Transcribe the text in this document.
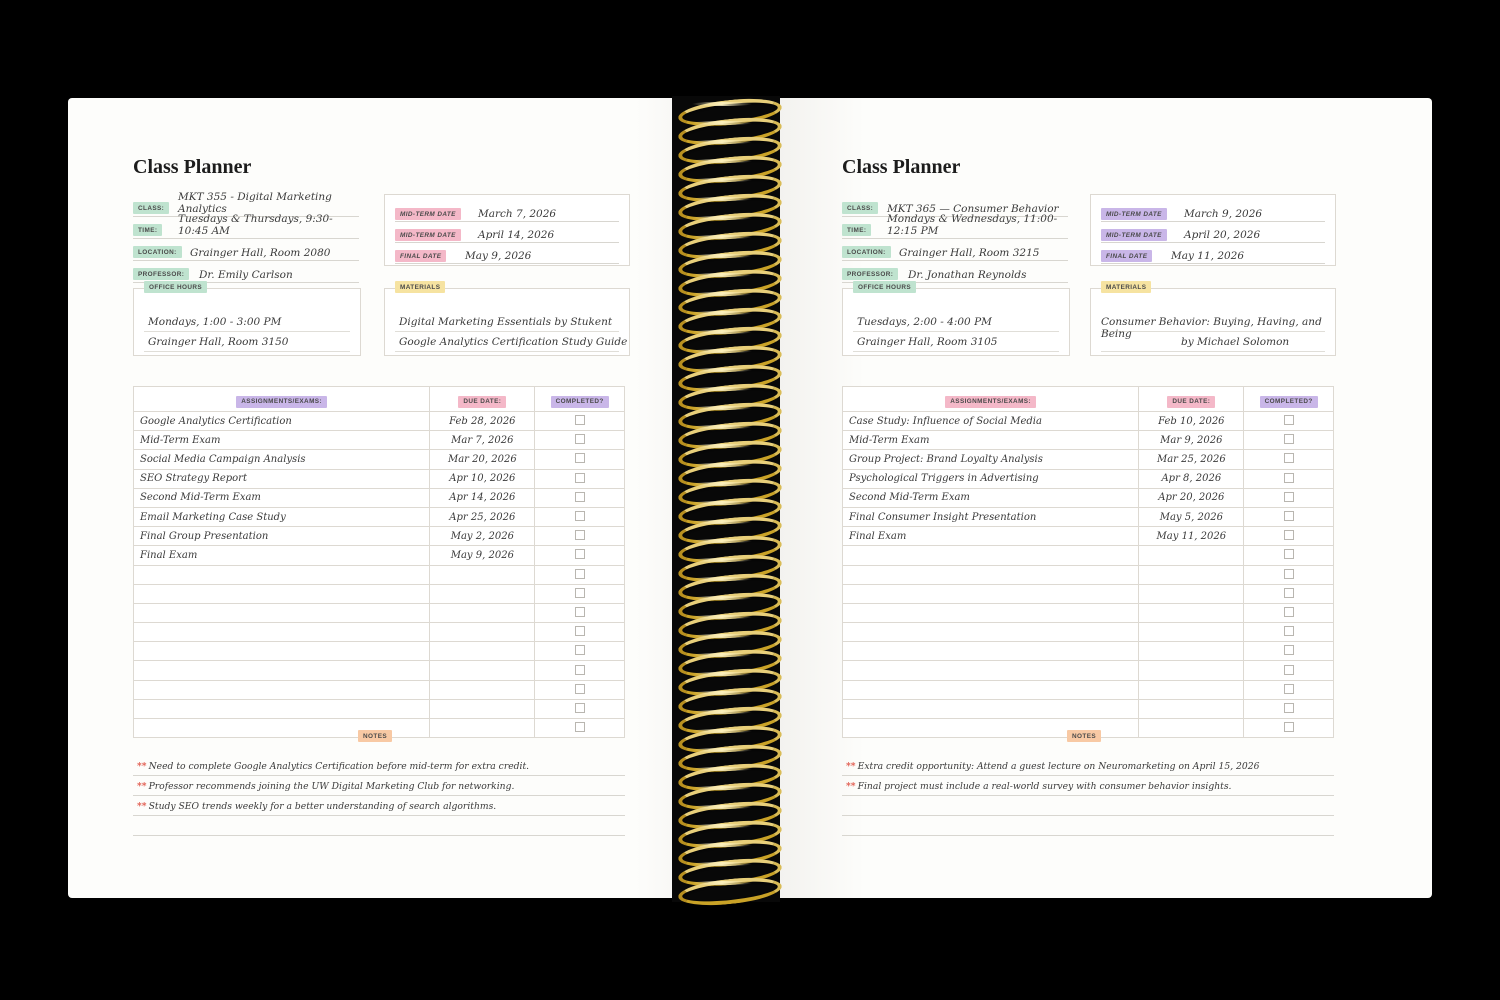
Class Planner
CLASS:
MKT 355 - Digital Marketing Analytics
TIME:
Tuesdays & Thursdays, 9:30-10:45 AM
LOCATION:	Grainger Hall, Room 2080
PROFESSOR:	Dr. Emily Carlson
MID-TERM DATE	March 7, 2026
MID-TERM DATE	April 14, 2026
FINAL DATE	May 9, 2026
OFFICE HOURS
Mondays, 1:00 - 3:00 PM
Grainger Hall, Room 3150
MATERIALS
Digital Marketing Essentials by Stukent
Google Analytics Certification Study Guide
ASSIGNMENTS/EXAMS:	DUE DATE:	COMPLETED?
Google Analytics Certification	Feb 28, 2026	
Mid-Term Exam	Mar 7, 2026	
Social Media Campaign Analysis	Mar 20, 2026	
SEO Strategy Report	Apr 10, 2026	
Second Mid-Term Exam	Apr 14, 2026	
Email Marketing Case Study	Apr 25, 2026	
Final Group Presentation	May 2, 2026	
Final Exam	May 9, 2026	

NOTES
** Need to complete Google Analytics Certification before mid-term for extra credit.
** Professor recommends joining the UW Digital Marketing Club for networking.
** Study SEO trends weekly for a better understanding of search algorithms.
Class Planner
CLASS:	MKT 365 — Consumer Behavior
TIME:
Mondays & Wednesdays, 11:00-12:15 PM
LOCATION:	Grainger Hall, Room 3215
PROFESSOR:	Dr. Jonathan Reynolds
MID-TERM DATE	March 9, 2026
MID-TERM DATE	April 20, 2026
FINAL DATE	May 11, 2026
OFFICE HOURS
Tuesdays, 2:00 - 4:00 PM
Grainger Hall, Room 3105
MATERIALS
Consumer Behavior: Buying, Having, and Being
by Michael Solomon
ASSIGNMENTS/EXAMS:	DUE DATE:	COMPLETED?
Case Study: Influence of Social Media	Feb 10, 2026	
Mid-Term Exam	Mar 9, 2026	
Group Project: Brand Loyalty Analysis	Mar 25, 2026	
Psychological Triggers in Advertising	Apr 8, 2026	
Second Mid-Term Exam	Apr 20, 2026	
Final Consumer Insight Presentation	May 5, 2026	
Final Exam	May 11, 2026	

NOTES
** Extra credit opportunity: Attend a guest lecture on Neuromarketing on April 15, 2026
** Final project must include a real-world survey with consumer behavior insights.
